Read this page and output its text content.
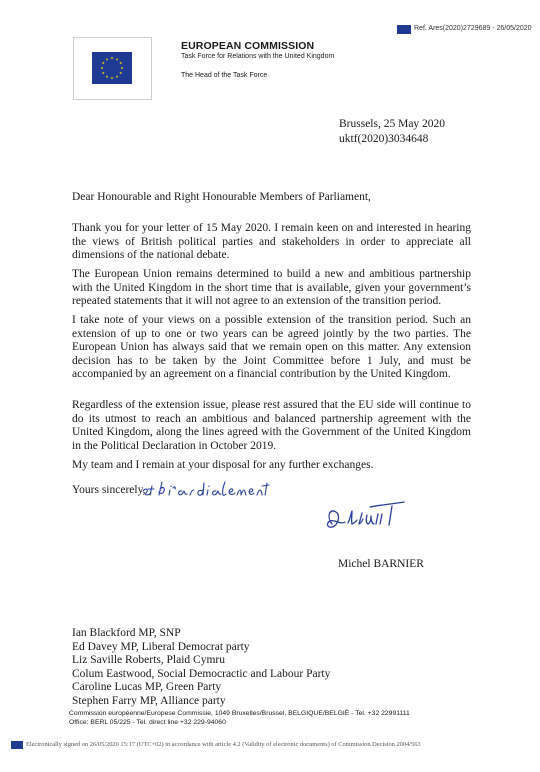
Ref. Ares(2020)2729689 - 26/05/2020
EUROPEAN COMMISSION
Task Force for Relations with the United Kingdom
The Head of the Task Force
Brussels, 25 May 2020
uktf(2020)3034648
Dear Honourable and Right Honourable Members of Parliament,
Thank you for your letter of 15 May 2020. I remain keen on and interested in hearing the views of British political parties and stakeholders in order to appreciate all dimensions of the national debate.
The European Union remains determined to build a new and ambitious partnership with the United Kingdom in the short time that is available, given your government’s repeated statements that it will not agree to an extension of the transition period.
I take note of your views on a possible extension of the transition period. Such an extension of up to one or two years can be agreed jointly by the two parties. The European Union has always said that we remain open on this matter. Any extension decision has to be taken by the Joint Committee before 1 July, and must be accompanied by an agreement on a financial contribution by the United Kingdom.
Regardless of the extension issue, please rest assured that the EU side will continue to do its utmost to reach an ambitious and balanced partnership agreement with the United Kingdom, along the lines agreed with the Government of the United Kingdom in the Political Declaration in October 2019.
My team and I remain at your disposal for any further exchanges.
Yours sincerely,
Michel BARNIER
Ian Blackford MP, SNP
Ed Davey MP, Liberal Democrat party
Liz Saville Roberts, Plaid Cymru
Colum Eastwood, Social Democractic and Labour Party
Caroline Lucas MP, Green Party
Stephen Farry MP, Alliance party
Commission européenne/Europese Commissie, 1049 Bruxelles/Brussel, BELGIQUE/BELGIË - Tel. +32 22991111
Office: BERL 05/225 - Tel. direct line +32 229-94060
Electronically signed on 26/05/2020 15:17 (UTC+02) in accordance with article 4.2 (Validity of electronic documents) of Commission Decision 2004/563
